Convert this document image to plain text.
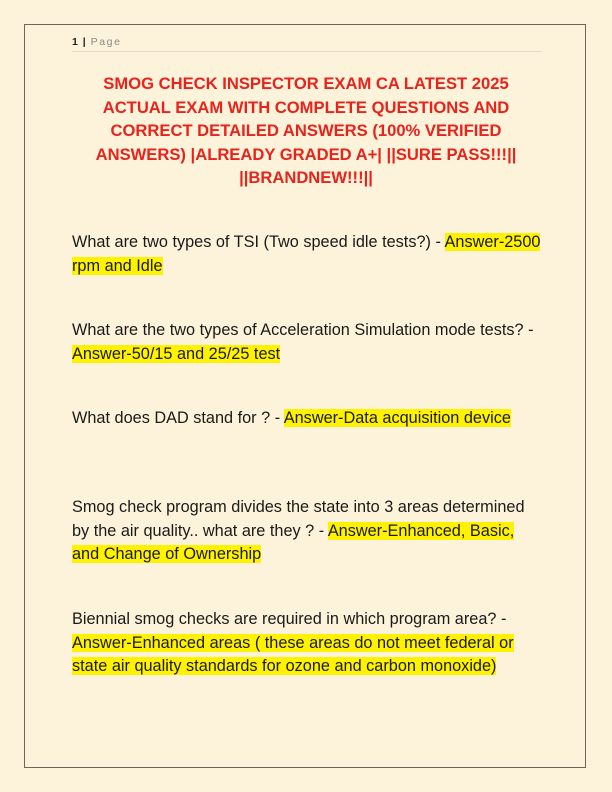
1 | Page
SMOG CHECK INSPECTOR EXAM CA LATEST 2025 ACTUAL EXAM WITH COMPLETE QUESTIONS AND CORRECT DETAILED ANSWERS (100% VERIFIED ANSWERS) |ALREADY GRADED A+| ||SURE PASS!!!|| ||BRANDNEW!!!||

What are two types of TSI (Two speed idle tests?) - Answer-2500 rpm and Idle

What are the two types of Acceleration Simulation mode tests? - Answer-50/15 and 25/25 test

What does DAD stand for ? - Answer-Data acquisition device

Smog check program divides the state into 3 areas determined by the air quality.. what are they ? - Answer-Enhanced, Basic, and Change of Ownership

Biennial smog checks are required in which program area? - Answer-Enhanced areas ( these areas do not meet federal or state air quality standards for ozone and carbon monoxide)
